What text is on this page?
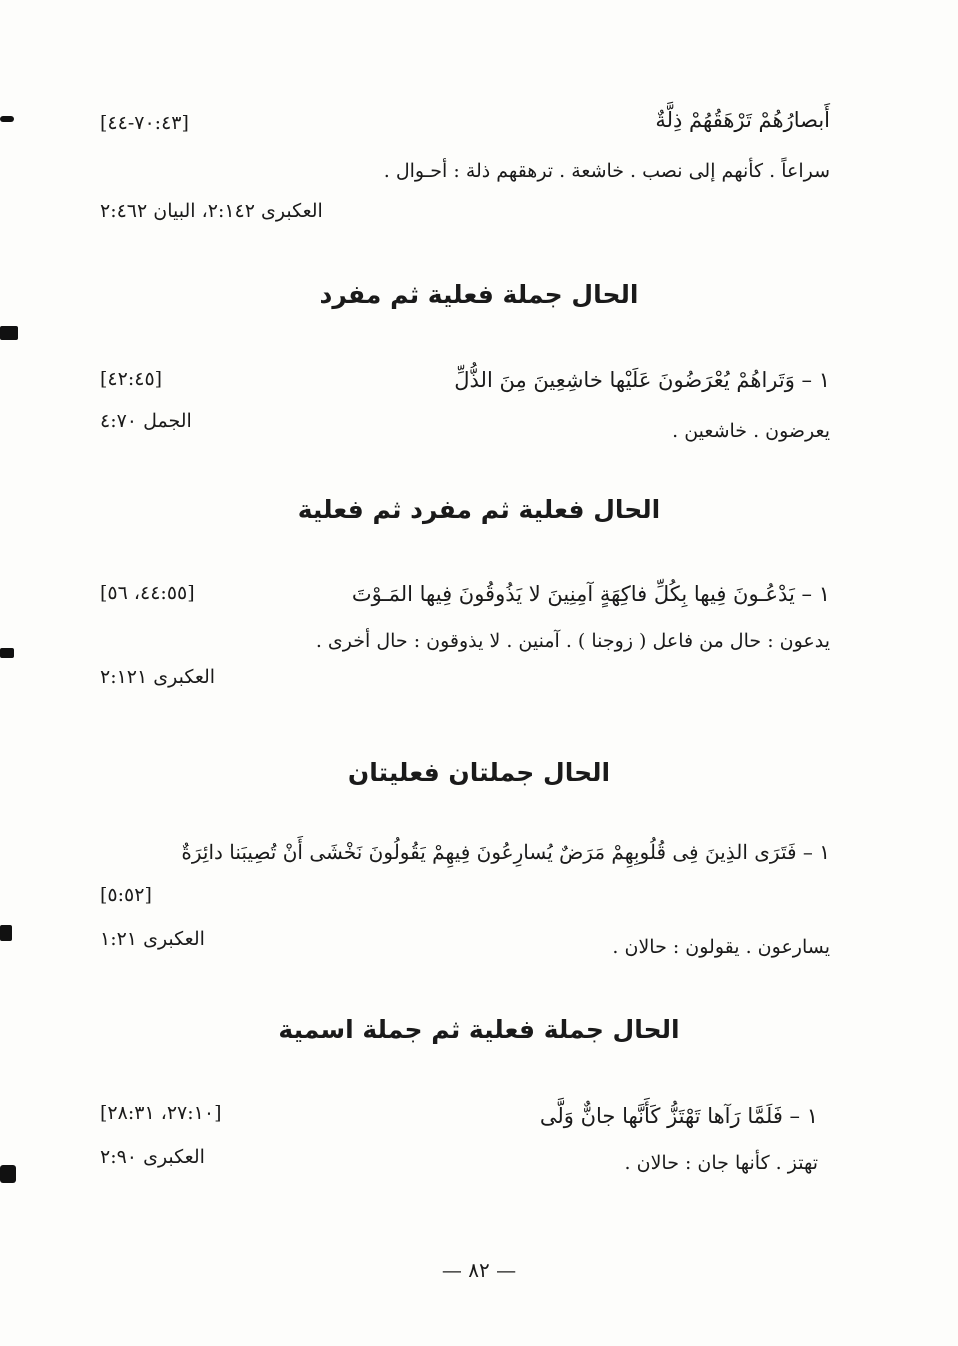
أَبصارُهُمْ تَرْهَقُهُمْ ذِلَّةٌ
[٧٠:٤٣-٤٤]
سراعاً . كأنهم إلى نصب . خاشعة . ترهقهم ذلة : أحـوال .
العكبرى ٢:١٤٢، البيان ٢:٤٦٢
الحال جملة فعلية ثم مفرد
١ – وَتَراهُمْ يُعْرَضُونَ عَلَيْها خاشِعِينَ مِنَ الذُّلِّ
[٤٢:٤٥]
يعرضون . خاشعين .
الجمل ٤:٧٠
الحال فعلية ثم مفرد ثم فعلية
١ – يَدْعُـونَ فِيها بِكُلِّ فاكِهَةٍ آمِنِينَ لا يَذُوقُونَ فِيها المَـوْتَ
[٤٤:٥٥، ٥٦]
يدعون : حال من فاعل ( زوجنا ) . آمنين . لا يذوقون : حال أخرى .
العكبرى ٢:١٢١
الحال جملتان فعليتان
١ – فَتَرَى الذِينَ فِى قُلُوبِهِمْ مَرَضٌ يُسارِعُونَ فِيهِمْ يَقُولُونَ نَخْشَى أَنْ تُصِيبَنا دائِرَةٌ
[٥:٥٢]
يسارعون . يقولون : حالان .
العكبرى ١:٢١
الحال جملة فعلية ثم جملة اسمية
١ – فَلَمَّا رَآها تَهْتَزُّ كَأَنَّها جانٌّ وَلَّى
[٢٧:١٠، ٢٨:٣١]
تهتز . كأنها جان : حالان .
العكبرى ٢:٩٠
— ٨٢ —
